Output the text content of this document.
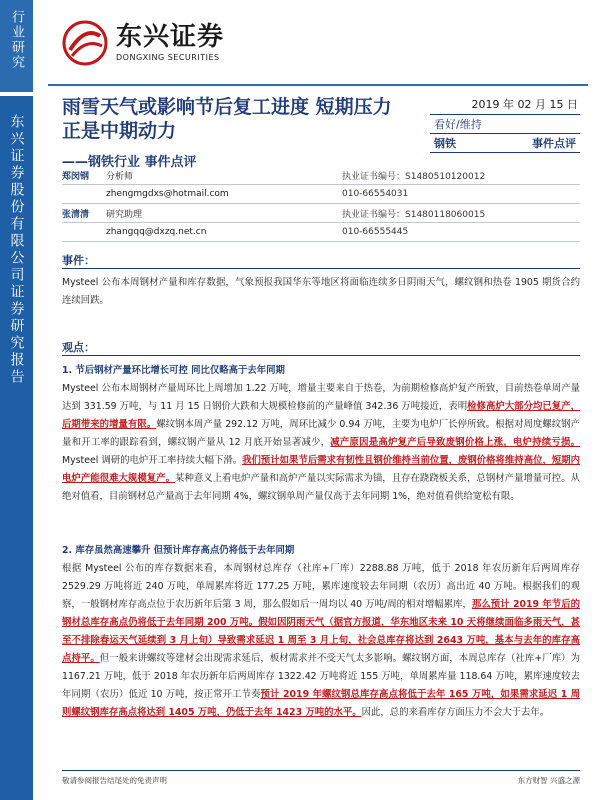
行业研究
东兴证券股份有限公司证券研究报告
东兴证券
DONGXING SECURITIES
雨雪天气或影响节后复工进度 短期压力正是中期动力
——钢铁行业 事件点评
2019 年 02 月 15 日
看好/维持
钢铁	事件点评
郑闵钢	分析师	执业证书编号：S1480510120012
zhengmgdxs@hotmail.com	010-66554031
张清清	研究助理	执业证书编号：S1480118060015
zhangqq@dxzq.net.cn	010-66555445
事件：
Mysteel 公布本周钢材产量和库存数据，气象预报我国华东等地区将面临连续多日阴雨天气，螺纹钢和热卷 1905 期货合约连续回跌。
观点：
1. 节后钢材产量环比增长可控 同比仅略高于去年同期
Mysteel 公布本周钢材产量周环比上周增加 1.22 万吨，增量主要来自于热卷，为前期检修高炉复产所致，目前热卷单周产量达到 331.59 万吨，与 11 月 15 日钢价大跌和大规模检修前的产量峰值 342.36 万吨接近，表明检修高炉大部分均已复产，后期带来的增量有限。螺纹钢本周产量 292.12 万吨，周环比减少 0.94 万吨，主要为电炉厂长停所致。根据对周度螺纹钢产量和开工率的跟踪看到，螺纹钢产量从 12 月底开始显著减少，减产原因是高炉复产后导致废钢价格上涨，电炉持续亏损。Mysteel 调研的电炉开工率持续大幅下滑。我们预计如果节后需求有韧性且钢价维持当前位置，废钢价格将维持高位，短期内电炉产能很难大规模复产。某种意义上看电炉产量和高炉产量以实际需求为锚，且存在跷跷板关系，总钢材产量增量可控。从绝对值看，目前钢材总产量高于去年同期 4%，螺纹钢单周产量仅高于去年同期 1%，绝对值看供给宽松有限。
2. 库存虽然高速攀升 但预计库存高点仍将低于去年同期
根据 Mysteel 公布的库存数据来看，本周钢材总库存（社库+厂库）2288.88 万吨，低于 2018 年农历新年后两周库存 2529.29 万吨将近 240 万吨，单周累库将近 177.25 万吨，累库速度较去年同期（农历）高出近 40 万吨。根据我们的观察，一般钢材库存高点位于农历新年后第 3 周，那么假如后一周均以 40 万吨/周的相对增幅累库，那么预计 2019 年节后的钢材总库存高点仍将低于去年同期 200 万吨。假如因阴雨天气（据官方报道，华东地区未来 10 天将继续面临多雨天气，甚至不排除春运天气延续到 3 月上旬）导致需求延迟 1 周至 3 月上旬，社会总库存将达到 2643 万吨，基本与去年的库存高点持平。但一般来讲螺纹等建材会出现需求延后，板材需求并不受天气太多影响。螺纹钢方面，本周总库存（社库+厂库）为 1167.21 万吨，低于 2018 年农历新年后两周库存 1322.42 万吨将近 155 万吨，单周累库量 118.64 万吨，累库速度较去年同期（农历）低近 10 万吨，按正常开工节奏预计 2019 年螺纹钢总库存高点将低于去年 165 万吨，如果需求延迟 1 周则螺纹钢库存高点将达到 1405 万吨，仍低于去年 1423 万吨的水平。因此，总的来看库存方面压力不会大于去年。
敬请参阅报告结尾处的免责声明	东方财智 兴盛之源
